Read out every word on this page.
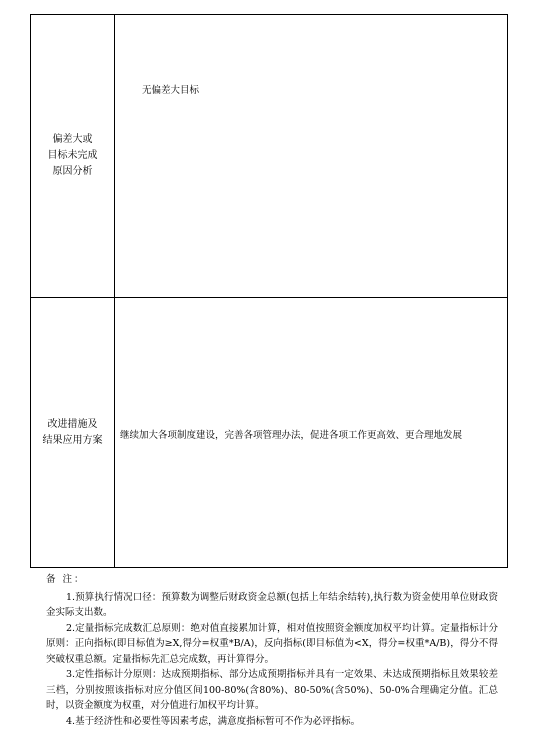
偏差大或
目标未完成
原因分析
无偏差大目标
改进措施及
结果应用方案 继续加大各项制度建设，完善各项管理办法，促进各项工作更高效、更合理地发展
备 注：
1.预算执行情况口径：预算数为调整后财政资金总额(包括上年结余结转),执行数为资金使用单位财政资金实际支出数。
2.定量指标完成数汇总原则：绝对值直接累加计算，相对值按照资金额度加权平均计算。定量指标计分原则：正向指标(即目标值为≥X,得分=权重*B/A)，反向指标(即目标值为<X，得分=权重*A/B)，得分不得突破权重总额。定量指标先汇总完成数，再计算得分。
3.定性指标计分原则：达成预期指标、部分达成预期指标并具有一定效果、未达成预期指标且效果较差三档，分别按照该指标对应分值区间100-80%(含80%)、80-50%(含50%)、50-0%合理确定分值。汇总时，以资金额度为权重，对分值进行加权平均计算。
4.基于经济性和必要性等因素考虑，满意度指标暂可不作为必评指标。
